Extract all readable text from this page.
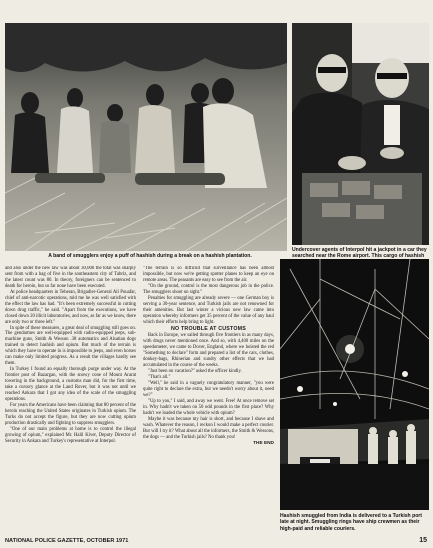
A band of smugglers enjoy a puff of hashish during a break on a hashish plantation.
Undercover agents of Interpol hit a jackpot in a car they searched near the Rome airport. This cargo of hashish

and also under the new law was about 30,000 the total was sharply sent from with a bag of five in the southeastern city of Tabriz, and the latest count was 80. In theory, foreigners can be sentenced to death for heroin, but so far none have been executed.

At police headquarters in Teheran, Brigadier-General Ali Pouafar, chief of anti-narcotic operations, told me he was well satisfied with the effect the law has had. "It's been extremely successful in cutting down drug traffic," he said. "Apart from the executions, we have closed down 20 illicit laboratories, and now, as far as we know, there are only two or three left."

In spite of these measures, a great deal of smuggling still goes on. The gendarmes are well-equipped with radio-equipped jeeps, sub-machine guns, Smith & Wesson .38 automatics and Alsatian dogs trained to detect hashish and opium. But much of the terrain is which they have to operate in is impossible to jeeps, and even horses can make only limited progress. As a result the villages hardly see them.

In Turkey I found an equally thorough purge under way. At the frontier post of Bazargan, with the snowy cone of Mount Ararat towering in the background, a customs man did, for the first time, take a cursory glance at the Land Rover, but it was not until we reached Ankara that I got any idea of the scale of the smuggling operations.

For years the Americans have been claiming that 80 percent of the heroin reaching the United States originates in Turkish opium. The Turks do not accept the figure, but they are now cutting opium production drastically and fighting to suppress smugglers.

"One of our main problems at home is to control the illegal growing of opium," explained Mr. Halil Kiver, Deputy Director of Security in Ankara and Turkey's representative at Interpol.

"The terrain is so difficult that surveillance has been almost impossible, but now we're getting spotter planes to keep an eye on remote areas. The peasants are easy to see from the air.

"On the ground, control is the most dangerous job in the police. The smugglers shoot on sight."

Penalties for smuggling are already severe — one German boy is serving a 30-year sentence, and Turkish jails are not renowned for their amenities. But last winter a vicious new law came into operation whereby informers get 35 percent of the value of any haul which their efforts help bring to light.

NO TROUBLE AT CUSTOMS

Back in Europe, we sailed through five frontiers in as many days, with drugs never mentioned once. And so, with 4,400 miles on the speedometer, we came to Dover, England, where we hoisted the red "Something to declare" form and prepared a list of the cars, clothes, donkey-bags, Rhinerian and sundry other effects that we had accumulated in the course of the weeks.

"Just been on vacation?" asked the officer kindly.

"That's all."

"Well," he said in a vaguely congratulatory manner, "you were quite right to declare the extra, but we needn't worry about it, need we?"

"Up to you," I said, and away we went. Free! At once remove set in. Why hadn't we taken on 50 odd pounds in the first place? Why hadn't we loaded the whole vehicle with opium?

Maybe it was because my hair is short, and because I shave and wash. Whatever the reason, I reckon I would make a perfect courier. But will I try it? What about all the informers, the Smith & Wessons, the dogs — and the Turkish jails? No thank you!

THE END
Hashish smuggled from India is delivered to a Turkish port late at night. Smuggling rings have ship crewmen as their high-paid and reliable couriers.
NATIONAL POLICE GAZETTE, OCTOBER 1971	15
